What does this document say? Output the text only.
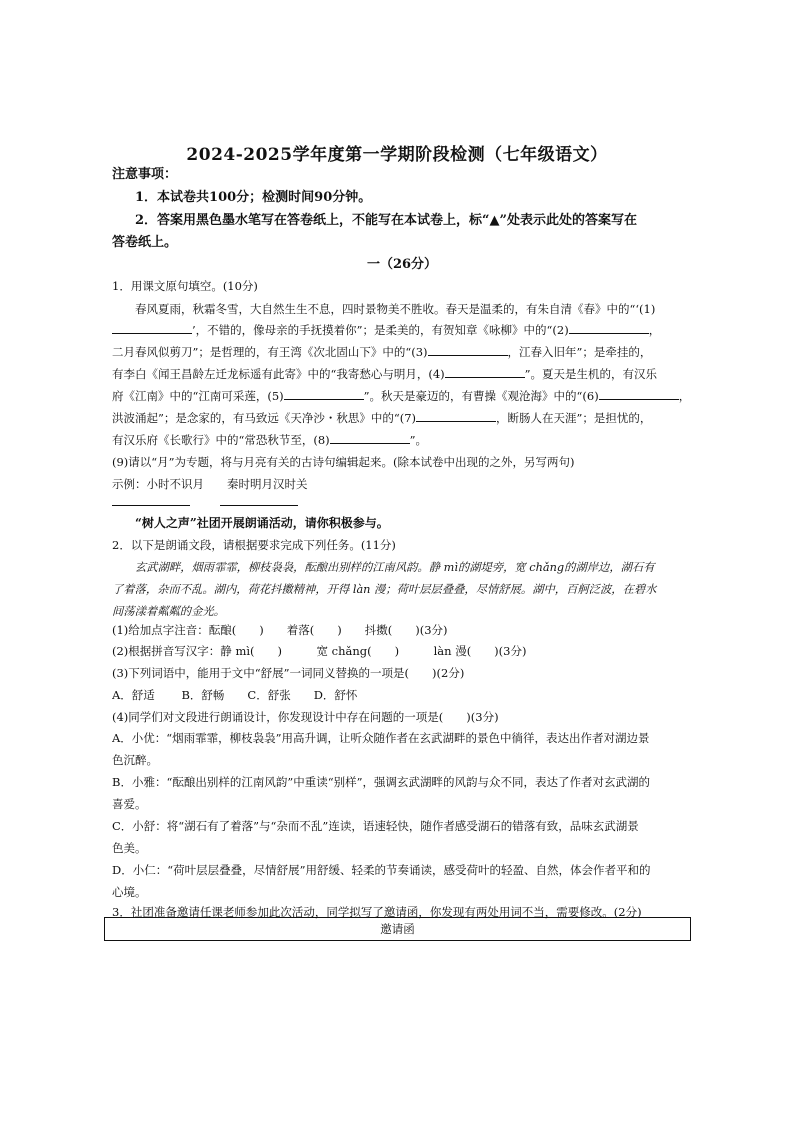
2024-2025学年度第一学期阶段检测（七年级语文）
注意事项：
1．本试卷共100分；检测时间90分钟。
2．答案用黑色墨水笔写在答卷纸上，不能写在本试卷上，标“▲”处表示此处的答案写在
答卷纸上。
一（26分）
1．用课文原句填空。(10分)
春风夏雨，秋霜冬雪，大自然生生不息，四时景物美不胜收。春天是温柔的，有朱自清《春》中的“‘(1)
’，不错的，像母亲的手抚摸着你”；是柔美的，有贺知章《咏柳》中的“(2)	，
二月春风似剪刀”；是哲理的，有王湾《次北固山下》中的“(3)	，江春入旧年”；是牵挂的，
有李白《闻王昌龄左迁龙标遥有此寄》中的“我寄愁心与明月，(4)	”。夏天是生机的，有汉乐
府《江南》中的“江南可采莲，(5)	”。秋天是豪迈的，有曹操《观沧海》中的“(6)	，
洪波涌起”；是念家的，有马致远《天净沙・秋思》中的“(7)	，断肠人在天涯”；是担忧的，
有汉乐府《长歌行》中的“常恐秋节至，(8)	”。
(9)请以“月”为专题，将与月亮有关的古诗句编辑起来。(除本试卷中出现的之外，另写两句)
示例：小时不识月　　秦时明月汉时关
“树人之声”社团开展朗诵活动，请你积极参与。
2．以下是朗诵文段，请根据要求完成下列任务。(11分)
玄武湖畔，烟雨霏霏，柳枝袅袅，酝酿出别样的江南风韵。静 mì的湖堤旁，宽 chǎng的湖岸边，湖石有
了着落，杂而不乱。湖内，荷花抖擞精神，开得 làn 漫；荷叶层层叠叠，尽情舒展。湖中，百舸泛波，在碧水
间荡漾着粼粼的金光。
(1)给加点字注音：酝酿(　　)　　着落(　　)　　抖擞(　　)(3分)
(2)根据拼音写汉字：静 mì(　　)　　　宽 chǎng(　　)　　　làn 漫(　　)(3分)
(3)下列词语中，能用于文中“舒展”一词同义替换的一项是(　　)(2分)
A．舒适　　 B．舒畅　　C．舒张　　D．舒怀
(4)同学们对文段进行朗诵设计，你发现设计中存在问题的一项是(　　)(3分)
A．小优：“烟雨霏霏，柳枝袅袅”用高升调，让听众随作者在玄武湖畔的景色中徜徉，表达出作者对湖边景
色沉醉。
B．小雅：“酝酿出别样的江南风韵”中重读“别样”，强调玄武湖畔的风韵与众不同，表达了作者对玄武湖的
喜爱。
C．小舒：将“湖石有了着落”与“杂而不乱”连读，语速轻快，随作者感受湖石的错落有致，品味玄武湖景
色美。
D．小仁：“荷叶层层叠叠，尽情舒展”用舒缓、轻柔的节奏诵读，感受荷叶的轻盈、自然，体会作者平和的
心境。
3．社团准备邀请任课老师参加此次活动，同学拟写了邀请函，你发现有两处用词不当，需要修改。(2分)
邀请函
